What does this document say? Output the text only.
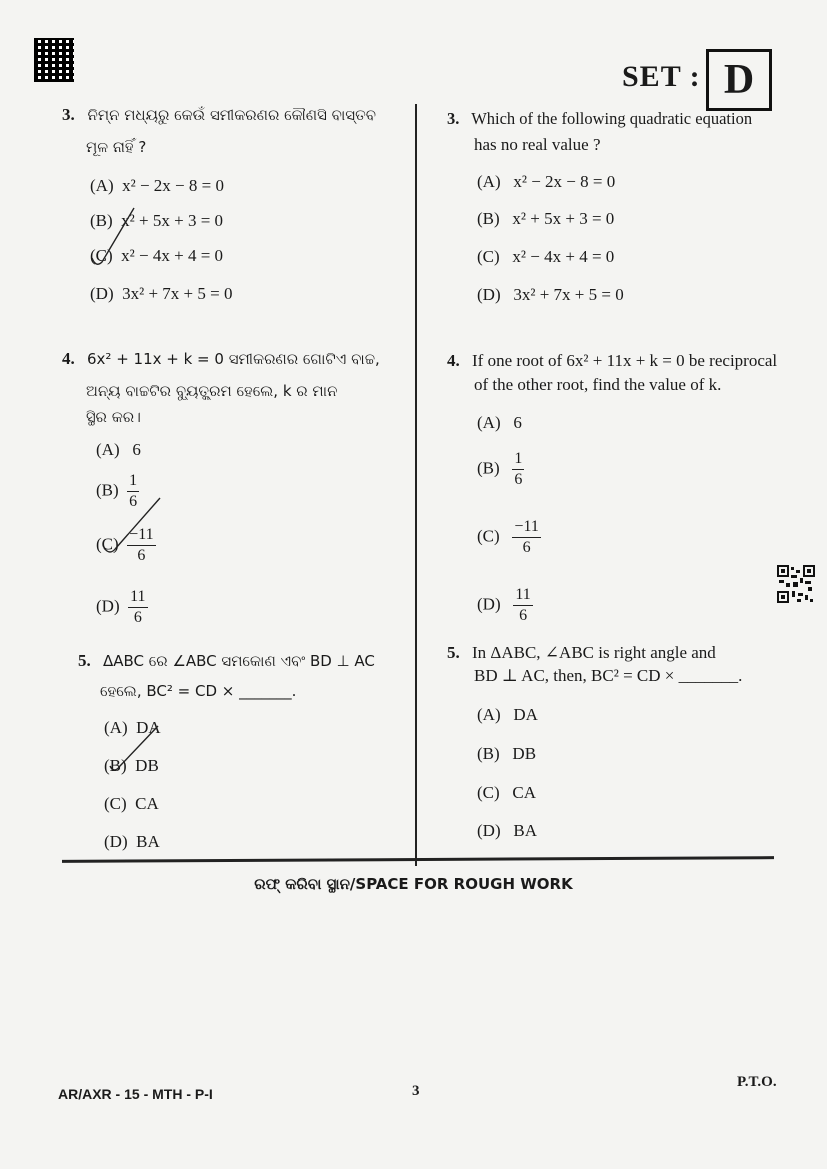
SET : D
3. ନିମ୍ନ ମଧ୍ୟରୁ କେଉଁ ସମୀକରଣର କୌଣସି ବାସ୍ତବ
ମୂଳ ନାହିଁ ?
(A) x² − 2x − 8 = 0
(B) x² + 5x + 3 = 0
(C) x² − 4x + 4 = 0
(D) 3x² + 7x + 5 = 0
4. 6x² + 11x + k = 0 ସମୀକରଣର ଗୋଟିଏ ବାଚ୍ଚ,
ଅନ୍ୟ ବାଚ୍ଚଟିର ବ୍ୟୁତ୍କ୍ରମ ହେଲେ, k ର ମାନ
ସ୍ଥିର କର।
(A) 6
$(B) \frac{1}{6}$
$(C) \frac{-11}{6}$
$(D) \frac{11}{6}$
5. ΔABC ରେ ∠ABC ସମକୋଣ ଏବଂ BD ⊥ AC
ହେଲେ, BC² = CD × _______.
(A) DA
(B) DB
(C) CA
(D) BA
3. Which of the following quadratic equation
has no real value ?
(A) x² − 2x − 8 = 0
(B) x² + 5x + 3 = 0
(C) x² − 4x + 4 = 0
(D) 3x² + 7x + 5 = 0
4. If one root of 6x² + 11x + k = 0 be reciprocal
of the other root, find the value of k.
(A) 6
$(B) \frac{1}{6}$
$(C) \frac{-11}{6}$
$(D) \frac{11}{6}$
5. In ΔABC, ∠ABC is right angle and
BD ⊥ AC, then, BC² = CD × _______.
(A) DA
(B) DB
(C) CA
(D) BA
ରଫ୍ କରିବା ସ୍ଥାନ/SPACE FOR ROUGH WORK
AR/AXR - 15 - MTH - P-I	3
P.T.O.
